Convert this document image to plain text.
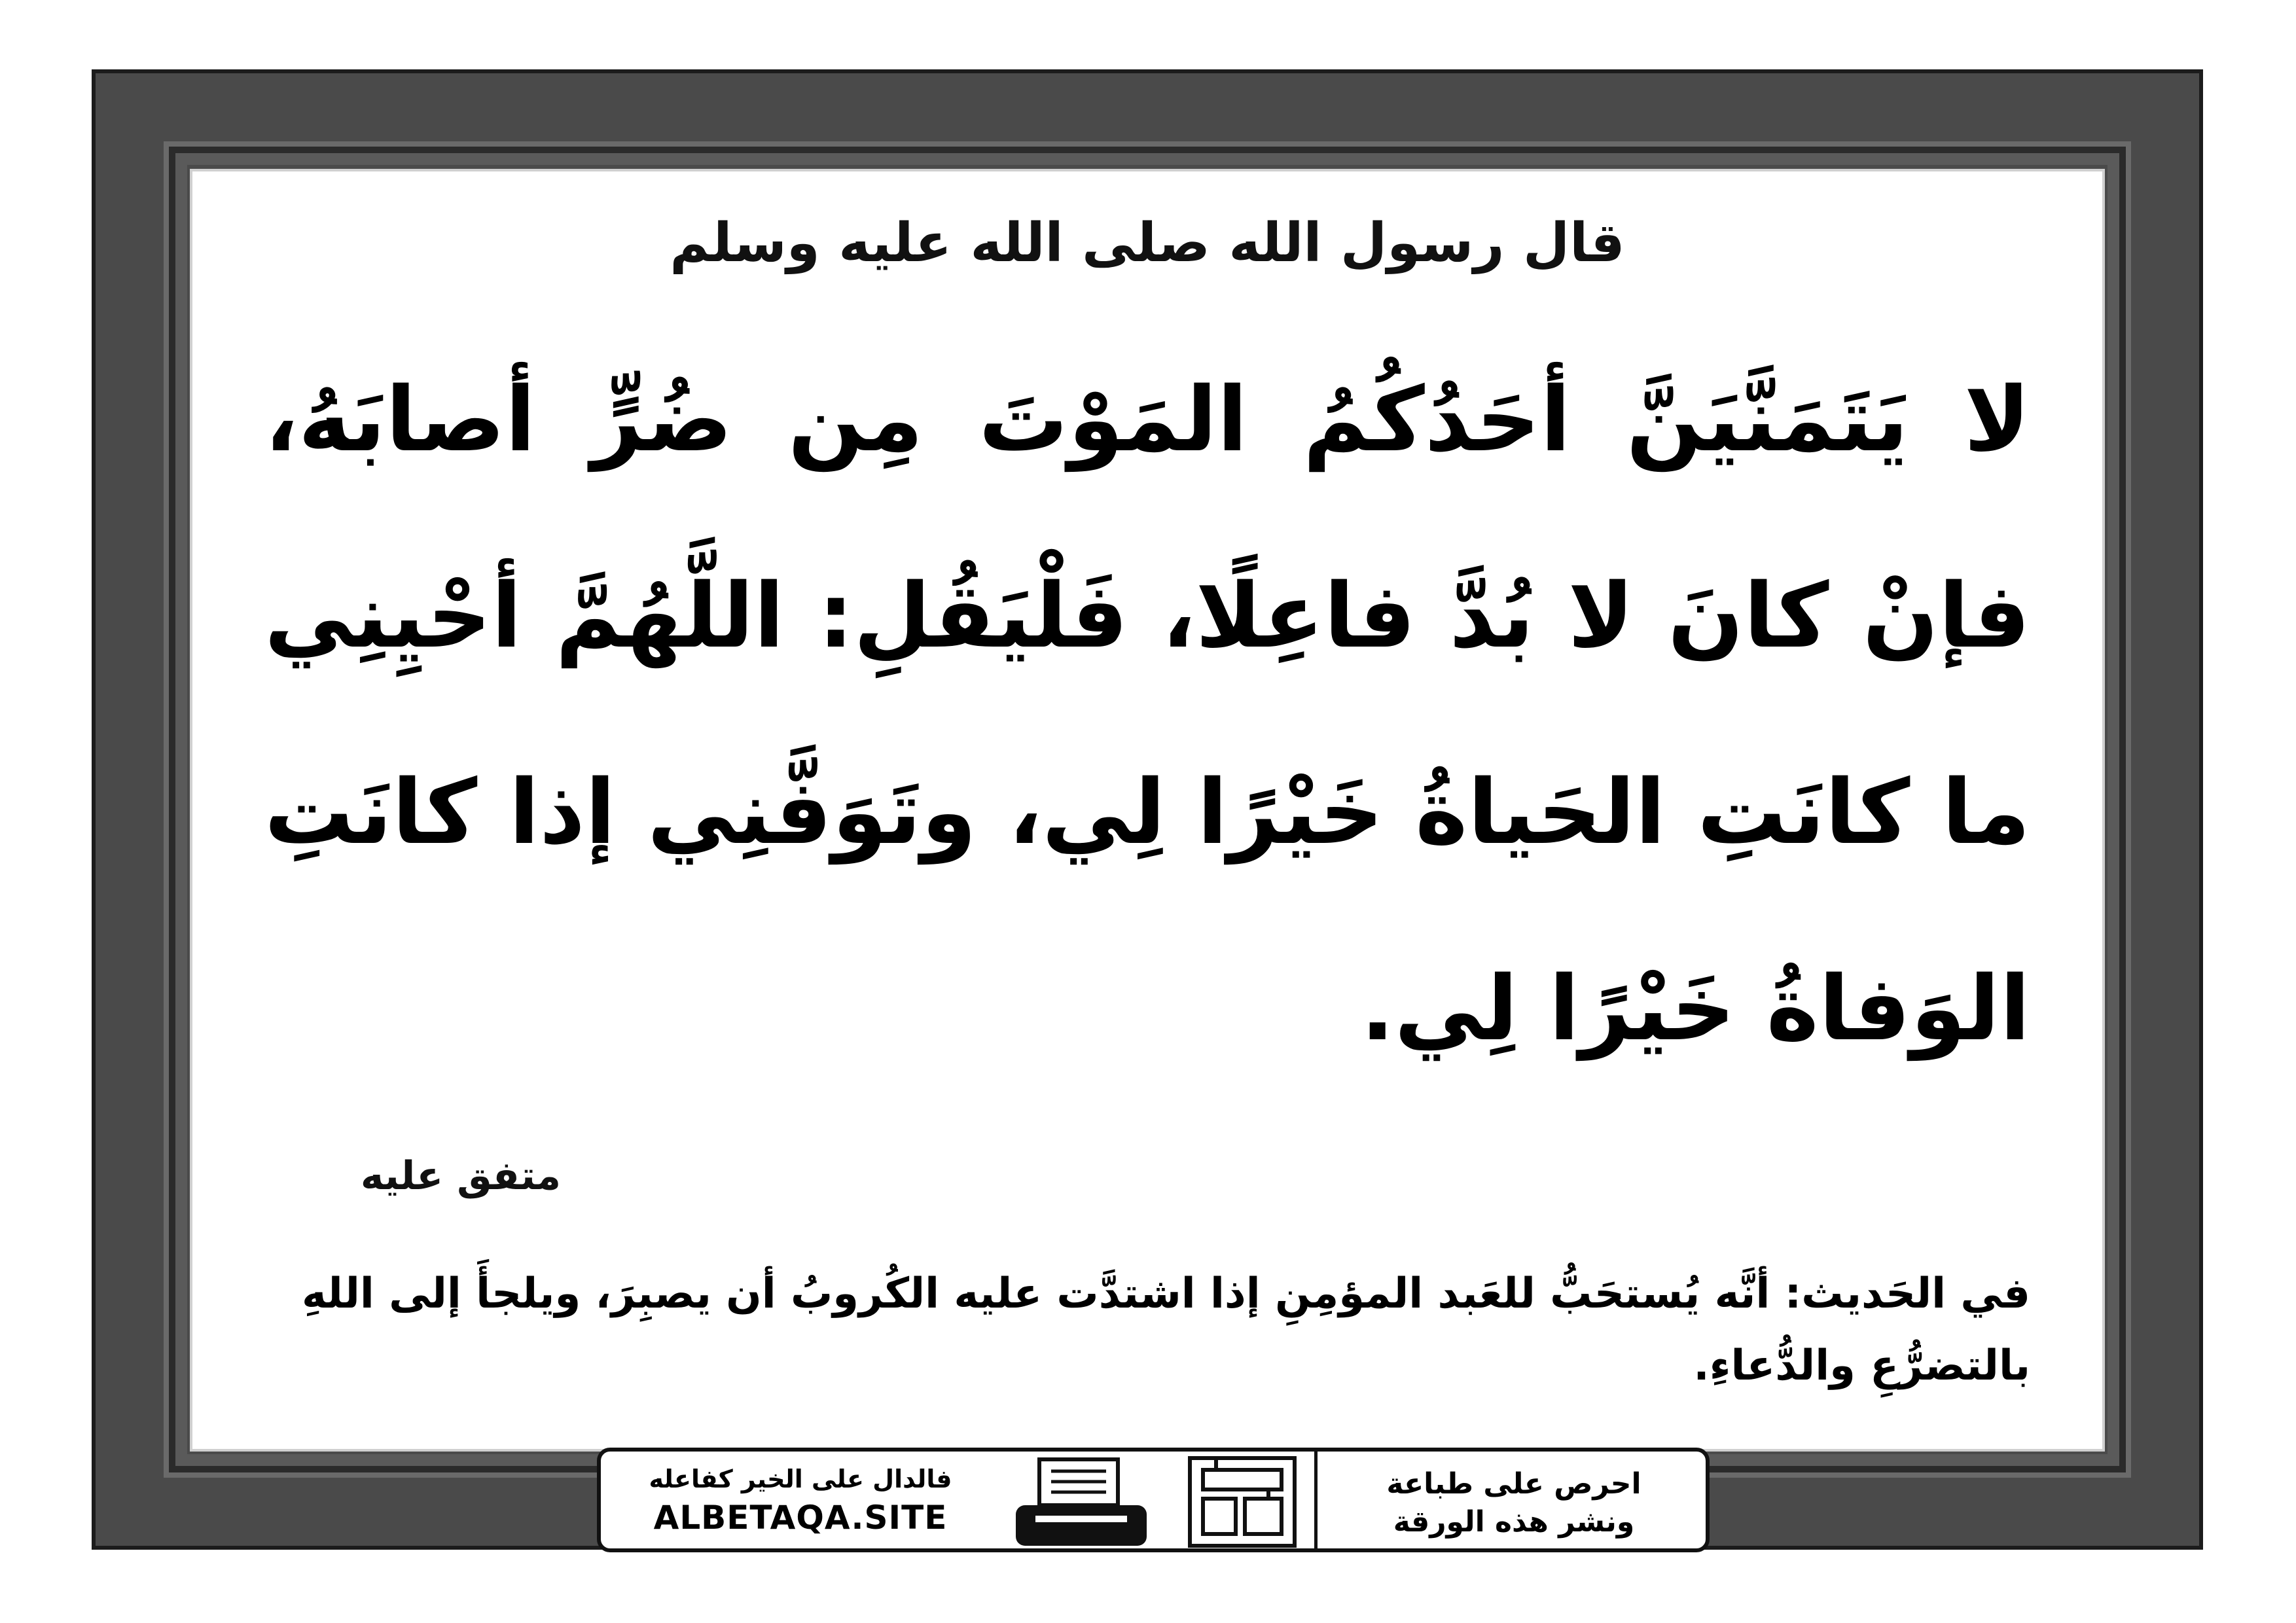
قال رسول الله صلى الله عليه وسلم

لا يَتَمَنَّيَنَّ أحَدُكُمُ المَوْتَ مِن ضُرٍّ أصابَهُ، فإنْ كانَ لا بُدَّ فاعِلًا، فَلْيَقُلِ: اللَّهُمَّ أحْيِنِي ما كانَتِ الحَياةُ خَيْرًا لِي، وتَوَفَّنِي إذا كانَتِ الوَفاةُ خَيْرًا لِي.

متفق عليه

في الحَديث: أنَّه يُستحَبُّ للعَبد المؤمِنِ إذا اشتدَّت عليه الكُروبُ أن يصبِرَ، ويلجأَ إلى اللهِ بالتضرُّعِ والدُّعاءِ.

فالدال على الخير كفاعله

ALBETAQA.SITE

احرص على طباعة

ونشر هذه الورقة
